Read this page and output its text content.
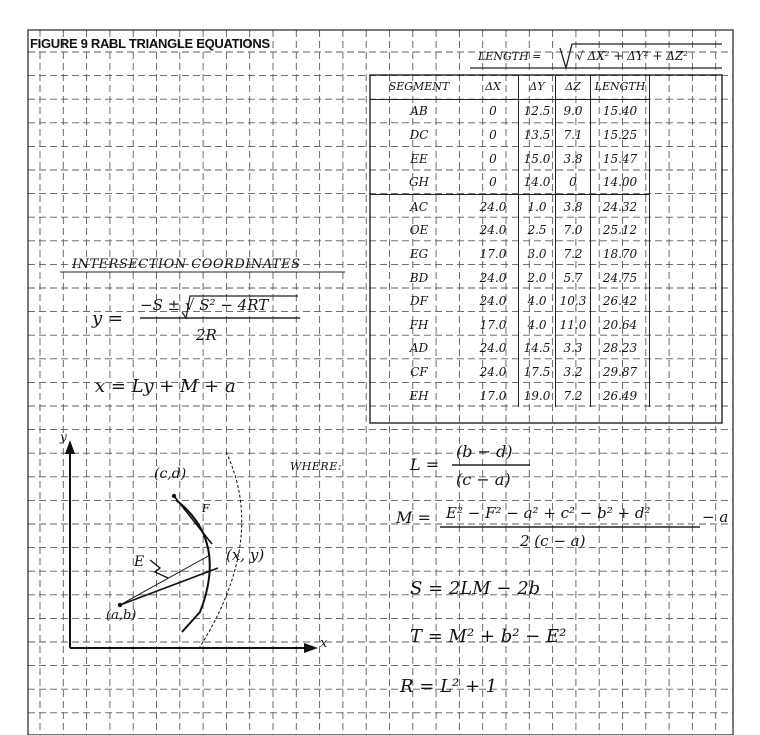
FIGURE 9 RABL TRIANGLE EQUATIONS
LENGTH =	√ ΔX² + ΔY² + ΔZ²
SEGMENT	ΔX	ΔY	ΔZ	LENGTH
AB	0	12.5	9.0	15.40
DC	0	13.5	7.1	15.25
EE	0	15.0	3.8	15.47
GH	0	14.0	0	14.00
AC	24.0	1.0	3.8	24.32
OE	24.0	2.5	7.0	25.12
EG	17.0	3.0	7.2	18.70
BD	24.0	2.0	5.7	24.75
DF	24.0	4.0	10.3	26.42
FH	17.0	4.0	11.0	20.64
AD	24.0	14.5	3.3	28.23
CF	24.0	17.5	3.2	29.87
EH	17.0	19.0	7.2	26.49
INTERSECTION COORDINATES
y =
−S ± √ S² − 4RT
2R
x = Ly + M + a
y
x
(c,d)
(x, y)
(a,b)
F
E
WHERE:	L =
(b − d)
(c − a)
M = E² − F² − a² + c² − b² + d²
2 (c − a)
− a
S = 2LM − 2b
T = M² + b² − E²
R = L² + 1
